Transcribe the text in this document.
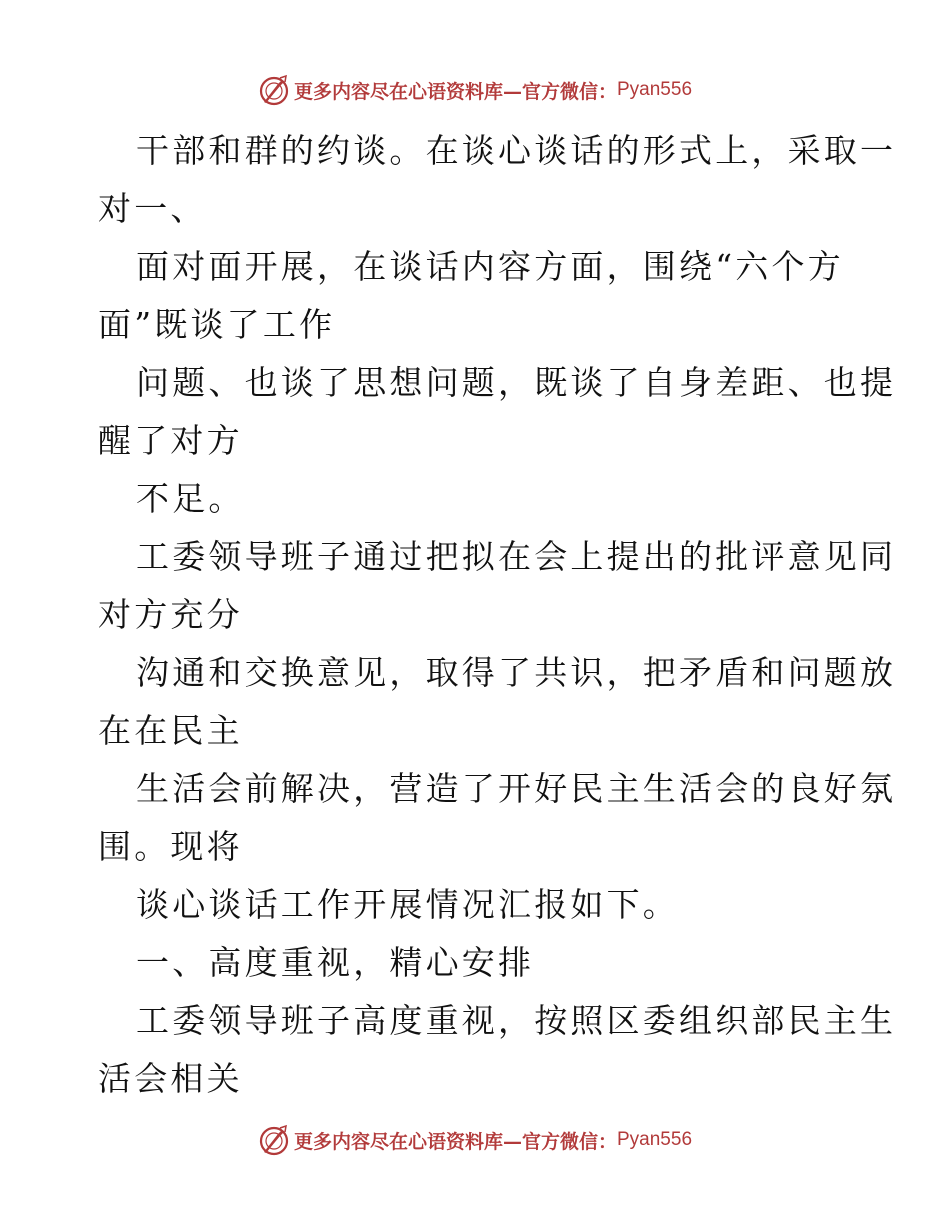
更多内容尽在心语资料库—官方微信： Pyan556
干部和群的约谈。在谈心谈话的形式上，采取一
对一、
面对面开展，在谈话内容方面，围绕“六个方
面”既谈了工作
问题、也谈了思想问题，既谈了自身差距、也提
醒了对方
不足。
工委领导班子通过把拟在会上提出的批评意见同
对方充分
沟通和交换意见，取得了共识，把矛盾和问题放
在在民主
生活会前解决，营造了开好民主生活会的良好氛
围。现将
谈心谈话工作开展情况汇报如下。
一、高度重视，精心安排
工委领导班子高度重视，按照区委组织部民主生
活会相关
更多内容尽在心语资料库—官方微信： Pyan556
